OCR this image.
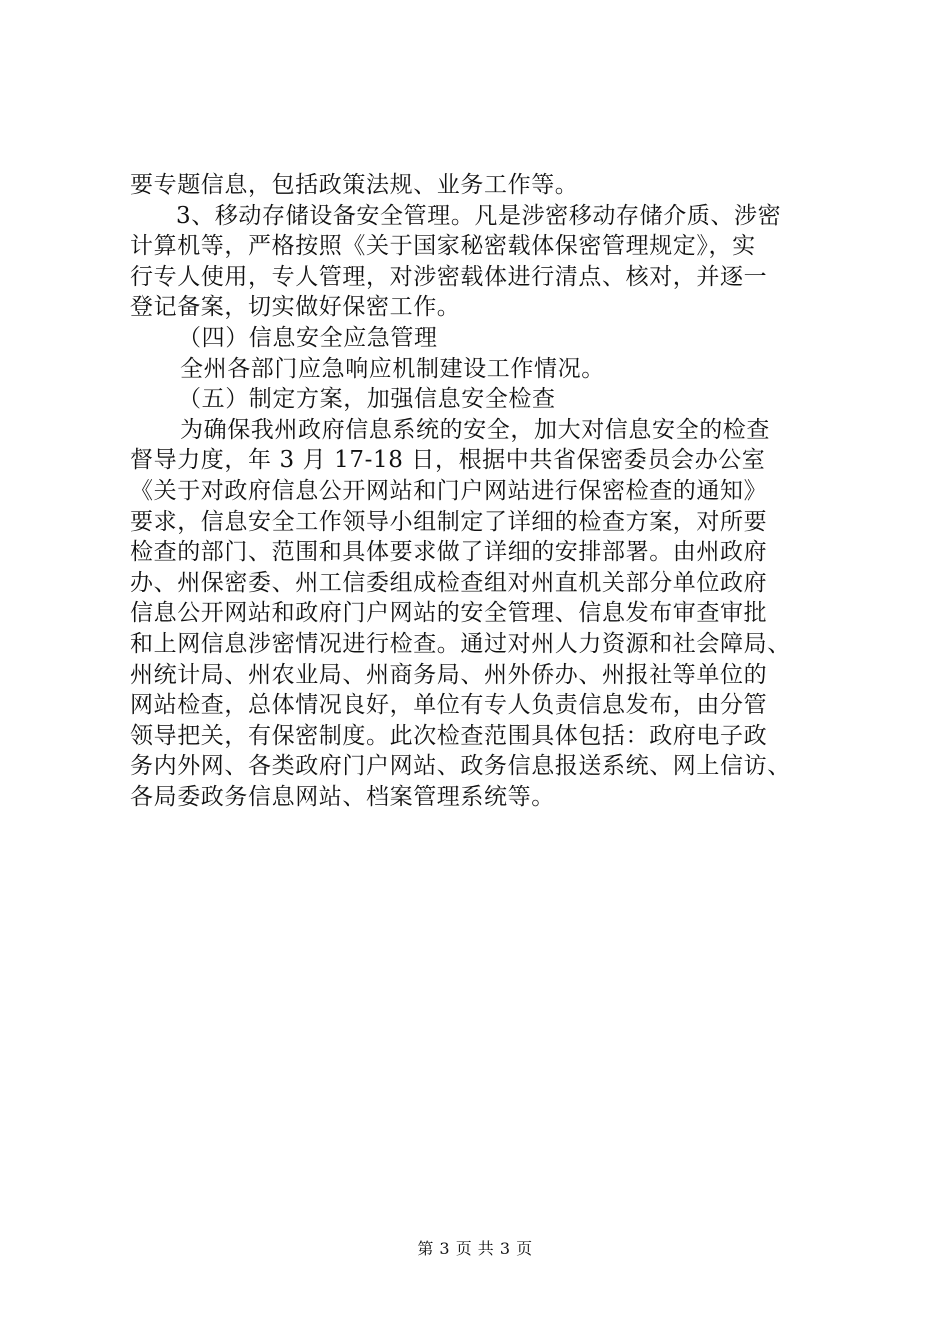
要专题信息，包括政策法规、业务工作等。
3、移动存储设备安全管理。凡是涉密移动存储介质、涉密
计算机等，严格按照《关于国家秘密载体保密管理规定》，实
行专人使用，专人管理，对涉密载体进行清点、核对，并逐一
登记备案，切实做好保密工作。
（四）信息安全应急管理
全州各部门应急响应机制建设工作情况。
（五）制定方案，加强信息安全检查
为确保我州政府信息系统的安全，加大对信息安全的检查
督导力度，年 3 月 17-18 日，根据中共省保密委员会办公室
《关于对政府信息公开网站和门户网站进行保密检查的通知》
要求，信息安全工作领导小组制定了详细的检查方案，对所要
检查的部门、范围和具体要求做了详细的安排部署。由州政府
办、州保密委、州工信委组成检查组对州直机关部分单位政府
信息公开网站和政府门户网站的安全管理、信息发布审查审批
和上网信息涉密情况进行检查。通过对州人力资源和社会障局、
州统计局、州农业局、州商务局、州外侨办、州报社等单位的
网站检查，总体情况良好，单位有专人负责信息发布，由分管
领导把关，有保密制度。此次检查范围具体包括：政府电子政
务内外网、各类政府门户网站、政务信息报送系统、网上信访、
各局委政务信息网站、档案管理系统等。
第 3 页 共 3 页
